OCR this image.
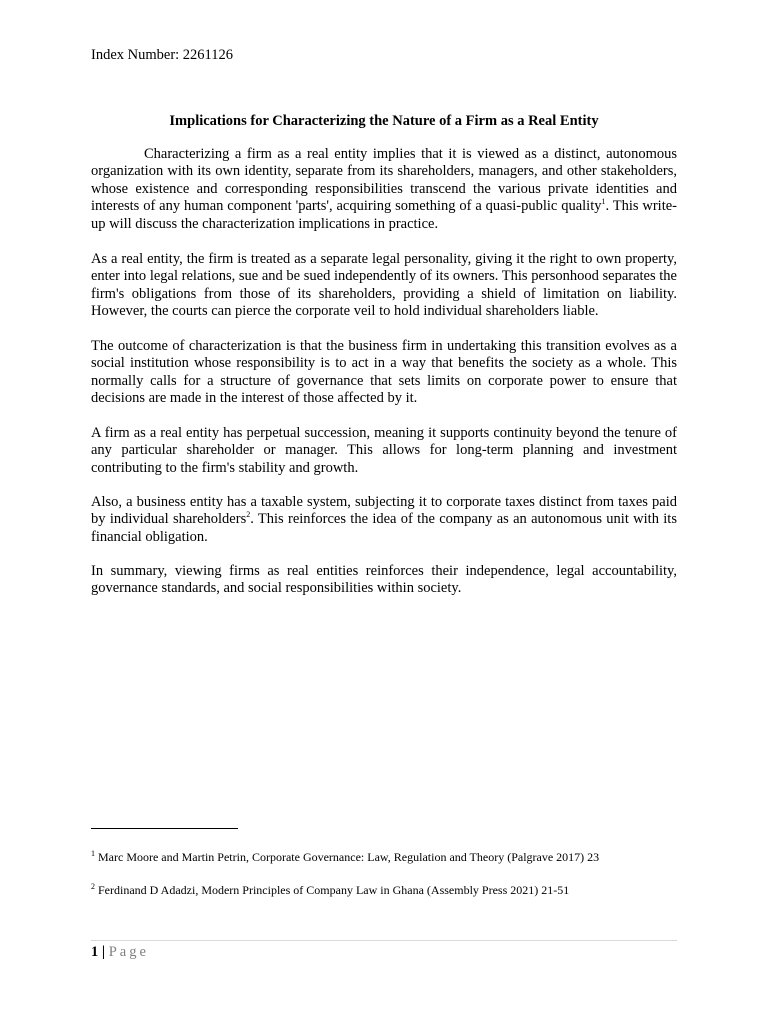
Index Number: 2261126

Implications for Characterizing the Nature of a Firm as a Real Entity

Characterizing a firm as a real entity implies that it is viewed as a distinct, autonomous organization with its own identity, separate from its shareholders, managers, and other stakeholders, whose existence and corresponding responsibilities transcend the various private identities and interests of any human component 'parts', acquiring something of a quasi-public quality$^1$. This write-up will discuss the characterization implications in practice.

As a real entity, the firm is treated as a separate legal personality, giving it the right to own property, enter into legal relations, sue and be sued independently of its owners. This personhood separates the firm's obligations from those of its shareholders, providing a shield of limitation on liability. However, the courts can pierce the corporate veil to hold individual shareholders liable.

The outcome of characterization is that the business firm in undertaking this transition evolves as a social institution whose responsibility is to act in a way that benefits the society as a whole. This normally calls for a structure of governance that sets limits on corporate power to ensure that decisions are made in the interest of those affected by it.

A firm as a real entity has perpetual succession, meaning it supports continuity beyond the tenure of any particular shareholder or manager. This allows for long-term planning and investment contributing to the firm's stability and growth.

Also, a business entity has a taxable system, subjecting it to corporate taxes distinct from taxes paid by individual shareholders$^2$. This reinforces the idea of the company as an autonomous unit with its financial obligation.

In summary, viewing firms as real entities reinforces their independence, legal accountability, governance standards, and social responsibilities within society.

$^1$ Marc Moore and Martin Petrin, Corporate Governance: Law, Regulation and Theory (Palgrave 2017) 23

$^2$ Ferdinand D Adadzi, Modern Principles of Company Law in Ghana (Assembly Press 2021) 21-51

1 | Page
